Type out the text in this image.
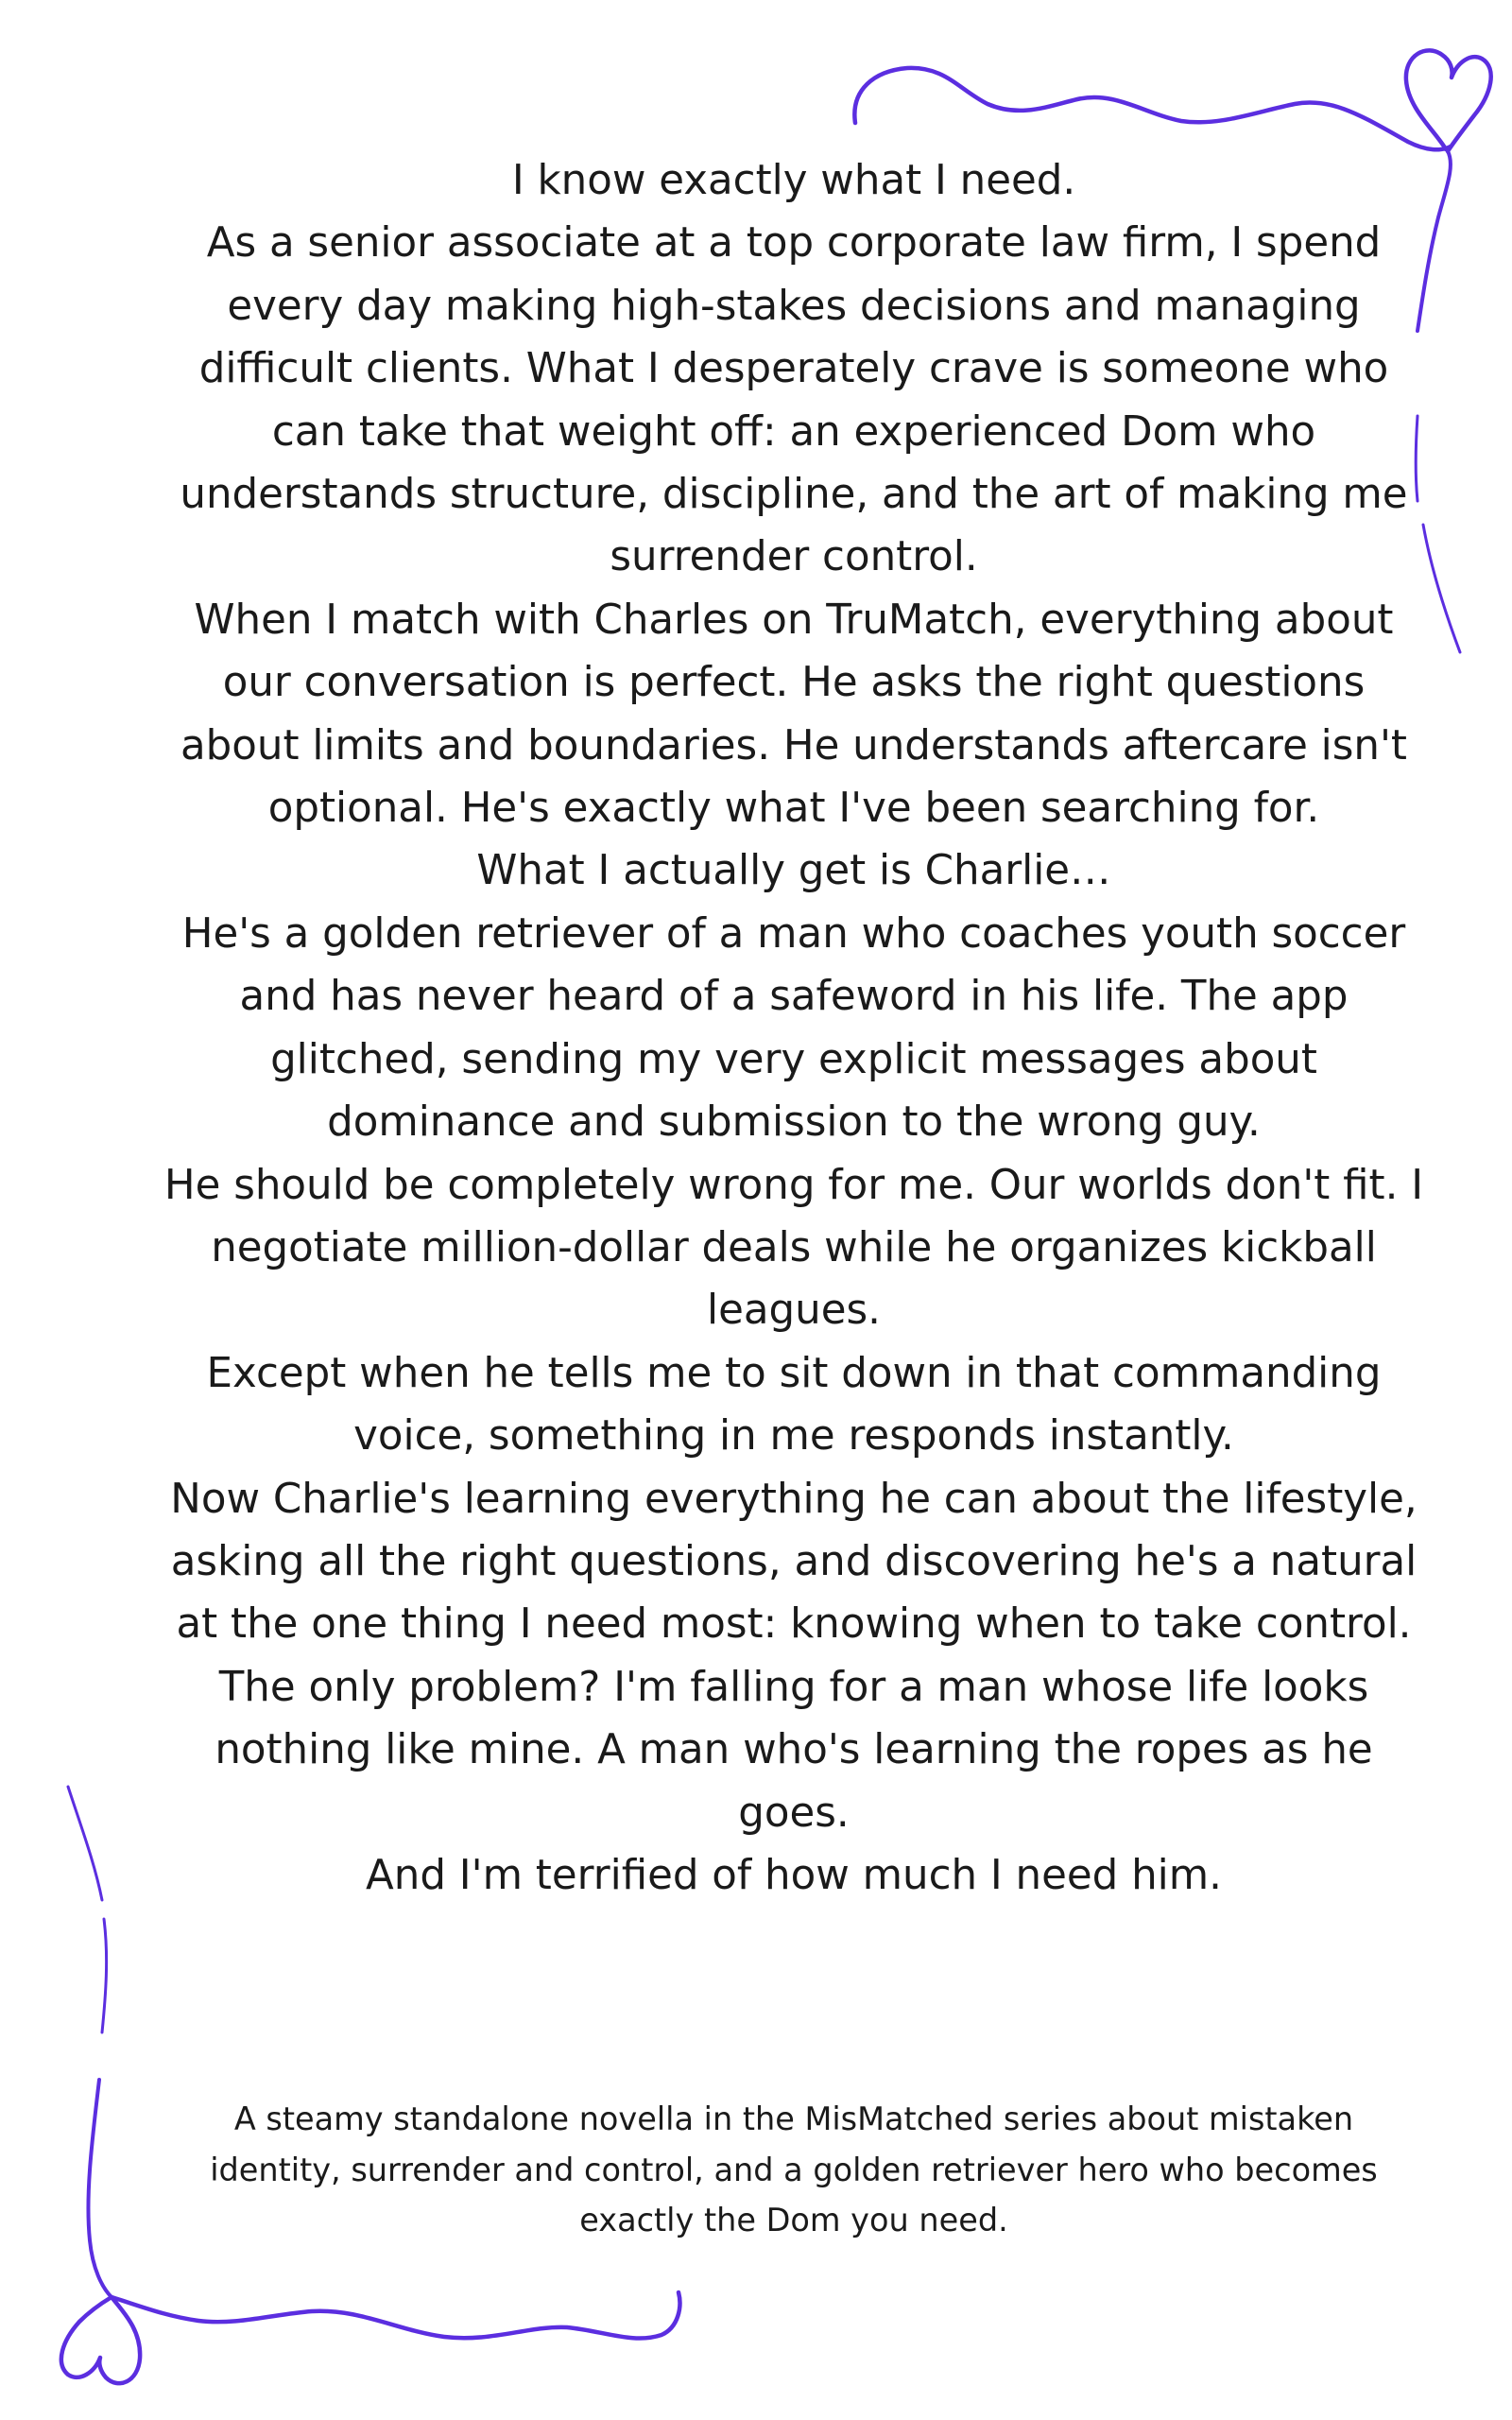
I know exactly what I need.

As a senior associate at a top corporate law firm, I spend every day making high-stakes decisions and managing difficult clients. What I desperately crave is someone who can take that weight off: an experienced Dom who understands structure, discipline, and the art of making me surrender control.

When I match with Charles on TruMatch, everything about our conversation is perfect. He asks the right questions about limits and boundaries. He understands aftercare isn't optional. He's exactly what I've been searching for.

What I actually get is Charlie…

He's a golden retriever of a man who coaches youth soccer and has never heard of a safeword in his life. The app glitched, sending my very explicit messages about dominance and submission to the wrong guy.

He should be completely wrong for me. Our worlds don't fit. I negotiate million-dollar deals while he organizes kickball leagues.

Except when he tells me to sit down in that commanding voice, something in me responds instantly.

Now Charlie's learning everything he can about the lifestyle, asking all the right questions, and discovering he's a natural at the one thing I need most: knowing when to take control.

The only problem? I'm falling for a man whose life looks nothing like mine. A man who's learning the ropes as he goes.

And I'm terrified of how much I need him.

A steamy standalone novella in the MisMatched series about mistaken identity, surrender and control, and a golden retriever hero who becomes exactly the Dom you need.
